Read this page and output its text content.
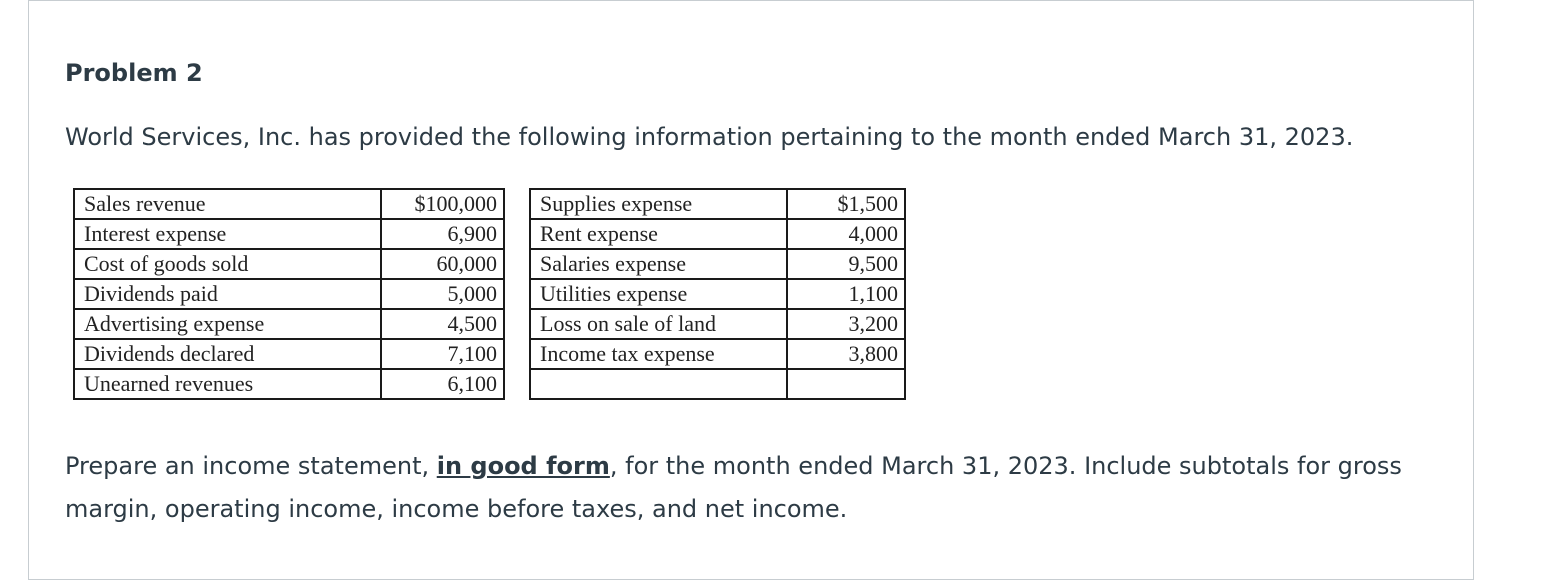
Problem 2

World Services, Inc. has provided the following information pertaining to the month ended March 31, 2023.

Sales revenue	$100,000		Supplies expense	$1,500
Interest expense	6,900		Rent expense	4,000
Cost of goods sold	60,000		Salaries expense	9,500
Dividends paid	5,000		Utilities expense	1,100
Advertising expense	4,500		Loss on sale of land	3,200
Dividends declared	7,100		Income tax expense	3,800
Unearned revenues	6,100			

Prepare an income statement, in good form, for the month ended March 31, 2023. Include subtotals for gross margin, operating income, income before taxes, and net income.
